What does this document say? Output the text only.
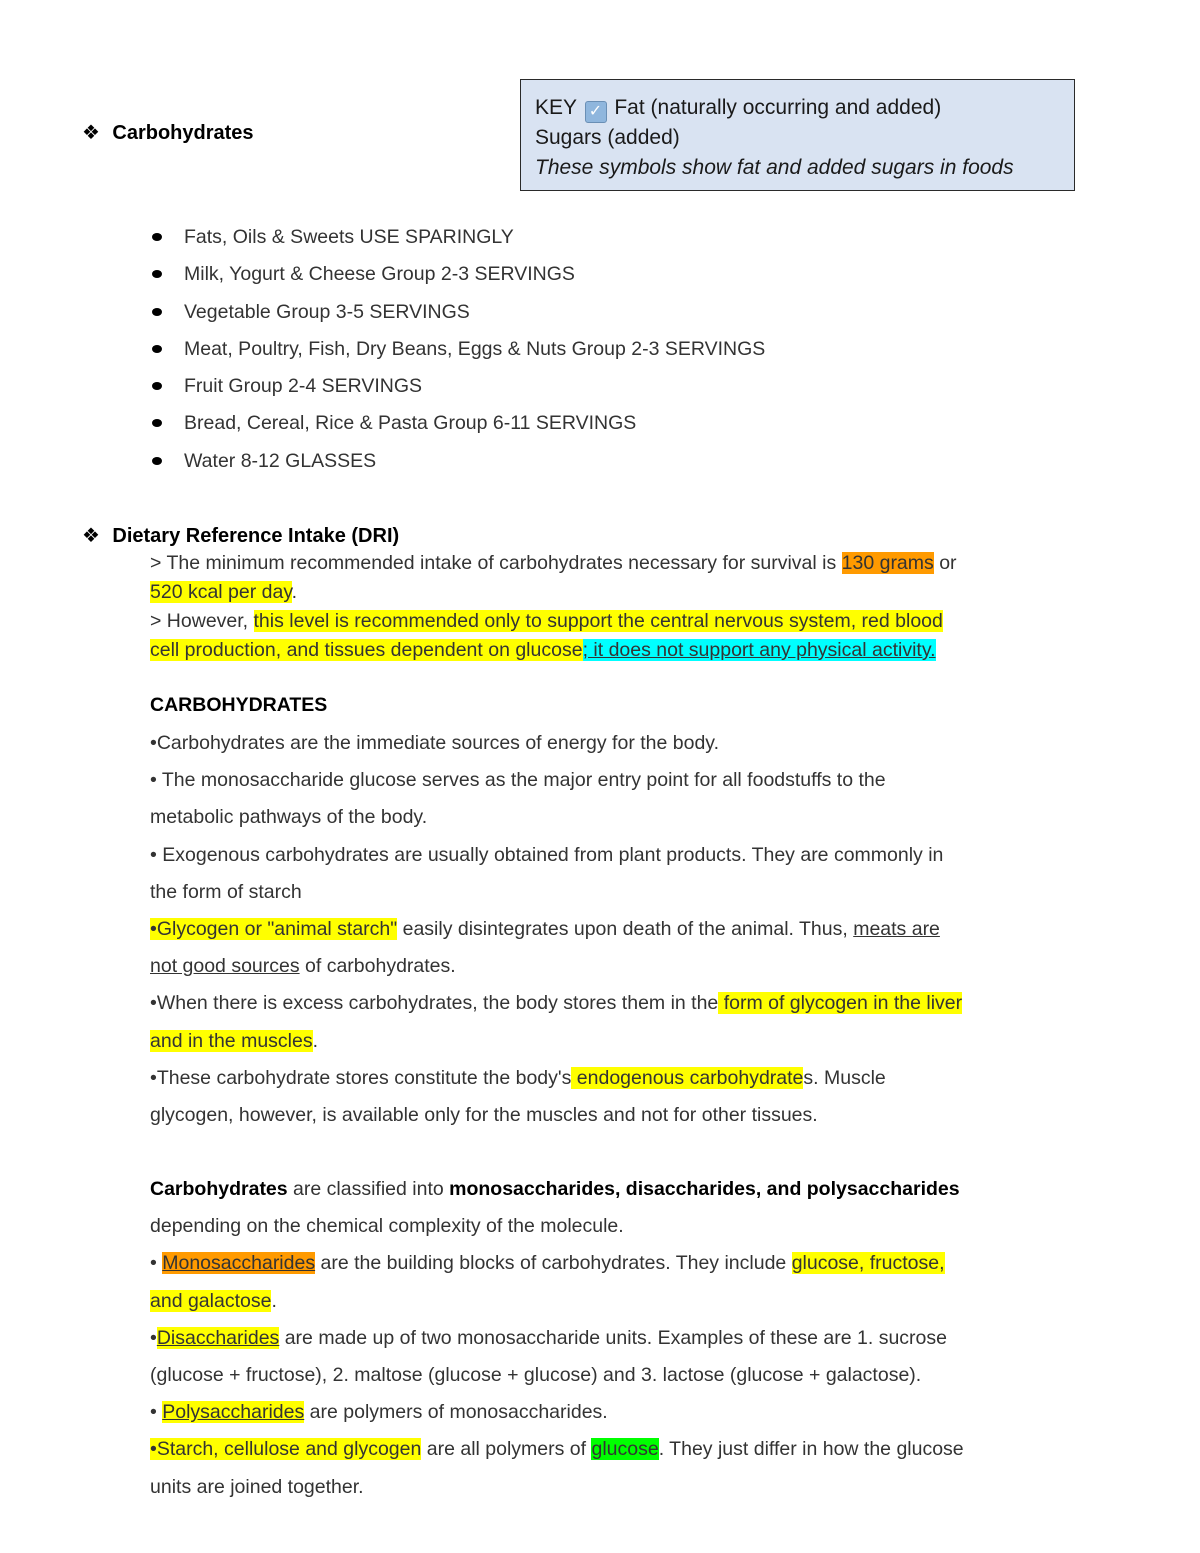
❖ Carbohydrates
KEY ✓ Fat (naturally occurring and added)
Sugars (added)
These symbols show fat and added sugars in foods
Fats, Oils & Sweets USE SPARINGLY
Milk, Yogurt & Cheese Group 2-3 SERVINGS
Vegetable Group 3-5 SERVINGS
Meat, Poultry, Fish, Dry Beans, Eggs & Nuts Group 2-3 SERVINGS
Fruit Group 2-4 SERVINGS
Bread, Cereal, Rice & Pasta Group 6-11 SERVINGS
Water 8-12 GLASSES
❖ Dietary Reference Intake (DRI)
> The minimum recommended intake of carbohydrates necessary for survival is 130 grams or
520 kcal per day.
> However, this level is recommended only to support the central nervous system, red blood
cell production, and tissues dependent on glucose; it does not support any physical activity.
CARBOHYDRATES
•Carbohydrates are the immediate sources of energy for the body.
• The monosaccharide glucose serves as the major entry point for all foodstuffs to the
metabolic pathways of the body.
• Exogenous carbohydrates are usually obtained from plant products. They are commonly in
the form of starch
•Glycogen or "animal starch" easily disintegrates upon death of the animal. Thus, meats are
not good sources of carbohydrates.
•When there is excess carbohydrates, the body stores them in the form of glycogen in the liver
and in the muscles.
•These carbohydrate stores constitute the body's endogenous carbohydrates. Muscle
glycogen, however, is available only for the muscles and not for other tissues.
Carbohydrates are classified into monosaccharides, disaccharides, and polysaccharides
depending on the chemical complexity of the molecule.
• Monosaccharides are the building blocks of carbohydrates. They include glucose, fructose,
and galactose.
•Disaccharides are made up of two monosaccharide units. Examples of these are 1. sucrose
(glucose + fructose), 2. maltose (glucose + glucose) and 3. lactose (glucose + galactose).
• Polysaccharides are polymers of monosaccharides.
•Starch, cellulose and glycogen are all polymers of glucose. They just differ in how the glucose
units are joined together.
